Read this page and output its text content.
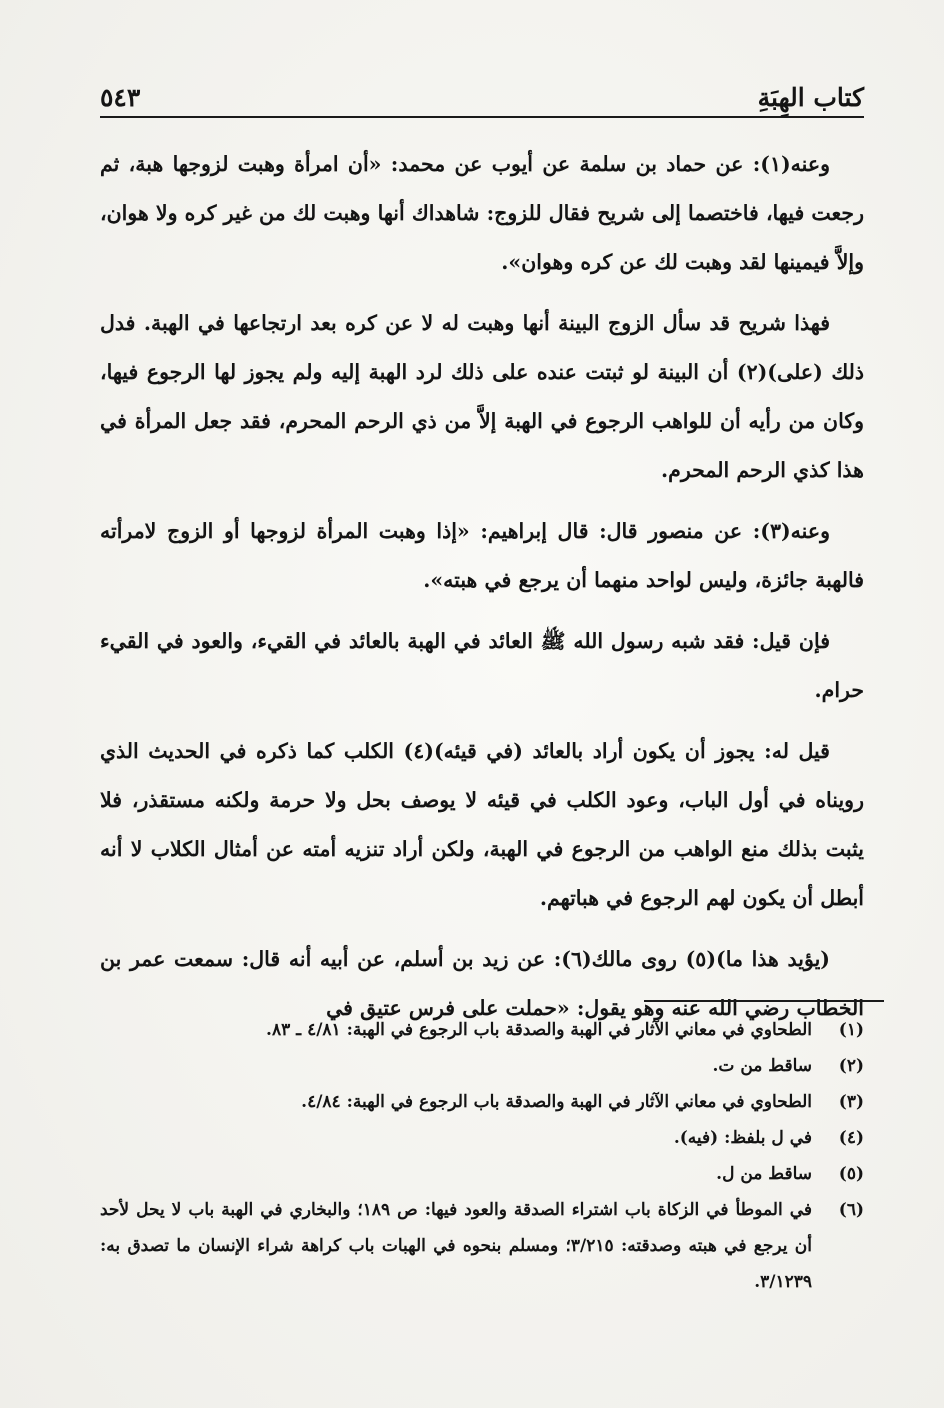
٥٤٣	كتاب الهِبَةِ

وعنه(١): عن حماد بن سلمة عن أيوب عن محمد: «أن امرأة وهبت لزوجها هبة، ثم رجعت فيها، فاختصما إلى شريح فقال للزوج: شاهداك أنها وهبت لك من غير كره ولا هوان، وإلاَّ فيمينها لقد وهبت لك عن كره وهوان».

فهذا شريح قد سأل الزوج البينة أنها وهبت له لا عن كره بعد ارتجاعها في الهبة. فدل ذلك (على)(٢) أن البينة لو ثبتت عنده على ذلك لرد الهبة إليه ولم يجوز لها الرجوع فيها، وكان من رأيه أن للواهب الرجوع في الهبة إلاَّ من ذي الرحم المحرم، فقد جعل المرأة في هذا كذي الرحم المحرم.

وعنه(٣): عن منصور قال: قال إبراهيم: «إذا وهبت المرأة لزوجها أو الزوج لامرأته فالهبة جائزة، وليس لواحد منهما أن يرجع في هبته».

فإن قيل: فقد شبه رسول الله ﷺ العائد في الهبة بالعائد في القيء، والعود في القيء حرام.

قيل له: يجوز أن يكون أراد بالعائد (في قيئه)(٤) الكلب كما ذكره في الحديث الذي رويناه في أول الباب، وعود الكلب في قيئه لا يوصف بحل ولا حرمة ولكنه مستقذر، فلا يثبت بذلك منع الواهب من الرجوع في الهبة، ولكن أراد تنزيه أمته عن أمثال الكلاب لا أنه أبطل أن يكون لهم الرجوع في هباتهم.

(يؤيد هذا ما)(٥) روى مالك(٦): عن زيد بن أسلم، عن أبيه أنه قال: سمعت عمر بن الخطاب رضي الله عنه وهو يقول: «حملت على فرس عتيق في

(١)
الطحاوي في معاني الآثار في الهبة والصدقة باب الرجوع في الهبة: ٤/٨١ ـ ٨٣.
(٢)
ساقط من ت.
(٣)
الطحاوي في معاني الآثار في الهبة والصدقة باب الرجوع في الهبة: ٤/٨٤.
(٤)
في ل بلفظ: (فيه).
(٥)
ساقط من ل.
(٦)
في الموطأ في الزكاة باب اشتراء الصدقة والعود فيها: ص ١٨٩؛ والبخاري في الهبة باب لا يحل لأحد أن يرجع في هبته وصدقته: ٣/٢١٥؛ ومسلم بنحوه في الهبات باب كراهة شراء الإنسان ما تصدق به: ٣/١٢٣٩.
